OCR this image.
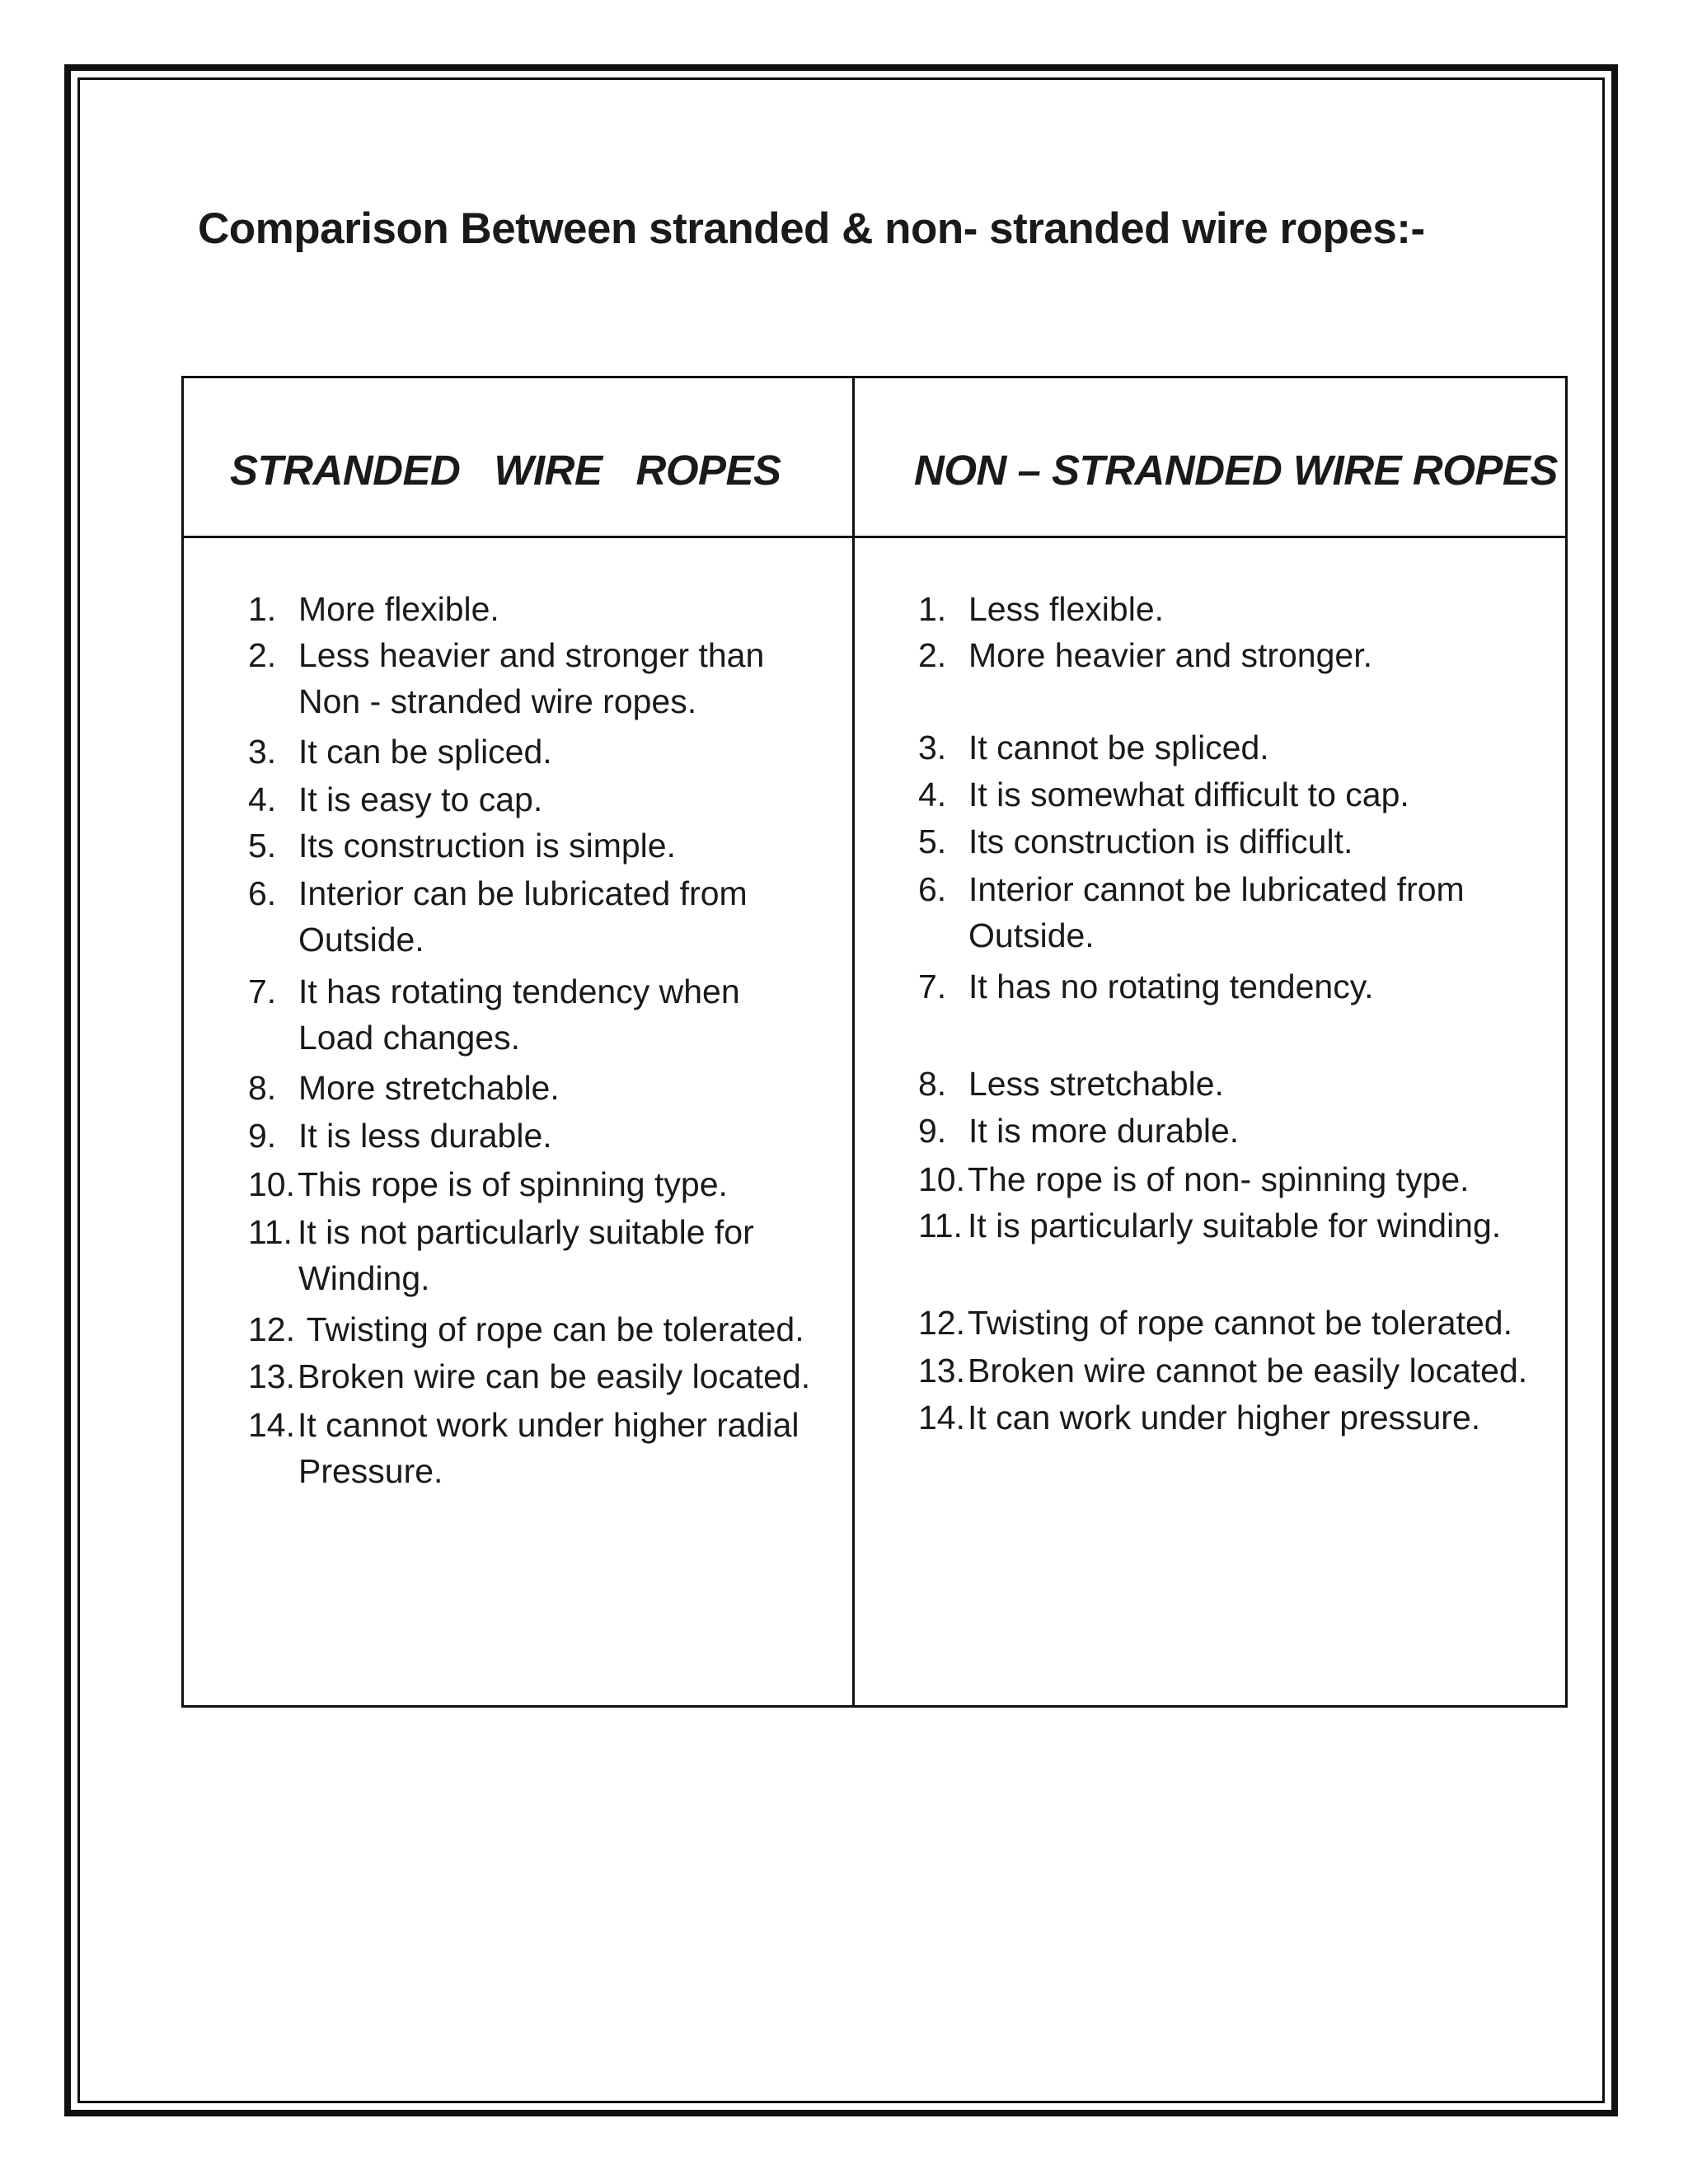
Comparison Between stranded & non- stranded wire ropes:-
STRANDED   WIRE   ROPES	NON – STRANDED WIRE ROPES
1. More flexible.
2. Less heavier and stronger than
Non - stranded wire ropes.
3. It can be spliced.
4. It is easy to cap.
5. Its construction is simple.
6. Interior can be lubricated from
Outside.
7. It has rotating tendency when
Load changes.
8. More stretchable.
9. It is less durable.
10. This rope is of spinning type.
11. It is not particularly suitable for
Winding.
12. Twisting of rope can be tolerated.
13. Broken wire can be easily located.
14. It cannot work under higher radial
Pressure.
1. Less flexible.
2. More heavier and stronger.
3. It cannot be spliced.
4. It is somewhat difficult to cap.
5. Its construction is difficult.
6. Interior cannot be lubricated from
Outside.
7. It has no rotating tendency.
8. Less stretchable.
9. It is more durable.
10. The rope is of non- spinning type.
11. It is particularly suitable for winding.
12. Twisting of rope cannot be tolerated.
13. Broken wire cannot be easily located.
14. It can work under higher pressure.
